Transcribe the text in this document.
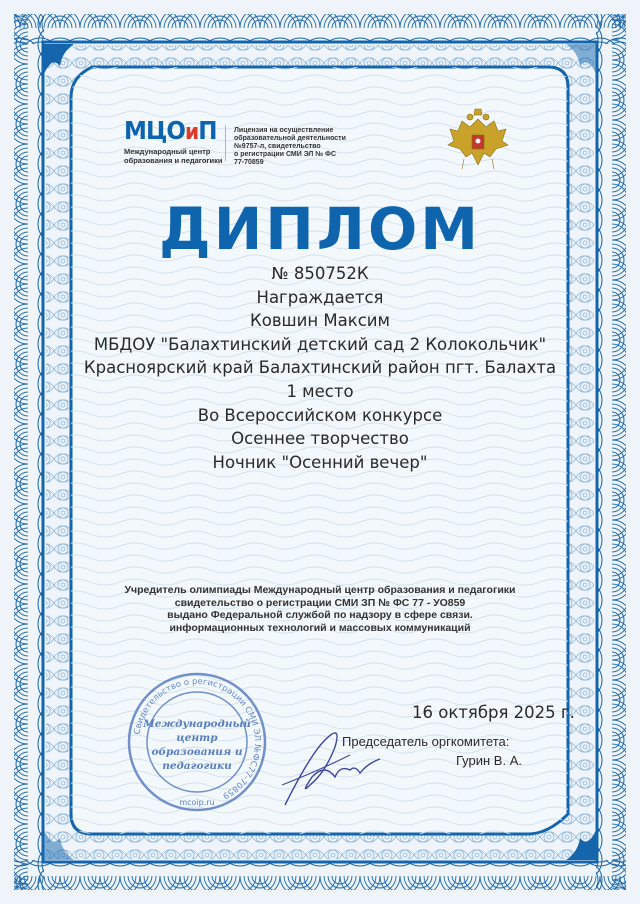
МЦОиП
Международный центр
образования и педагогики
Лицензия на осуществление
образовательной деятельности
№9757-л, свидетельство
о регистрации СМИ ЭЛ № ФС
77-70859
ДИПЛОМ
№ 850752К
Награждается
Ковшин Максим
МБДОУ "Балахтинский детский сад 2 Колокольчик"
Красноярский край Балахтинский район пгт. Балахта
1 место
Во Всероссийском конкурсе
Осеннее творчество
Ночник "Осенний вечер"
Учредитель олимпиады Международный центр образования и педагогики
свидетельство о регистрации СМИ ЗП № ФС 77 - УО859
выдано Федеральной службой по надзору в сфере связи.
информационных технологий и массовых коммуникаций
Свидетельство о регистрации СМИ ЭЛ №ФС77-70859
mcoip.ru
Международный
центр
образования и
педагогики
16 октября 2025 г.
Председатель оргкомитета:
Гурин В. А.
